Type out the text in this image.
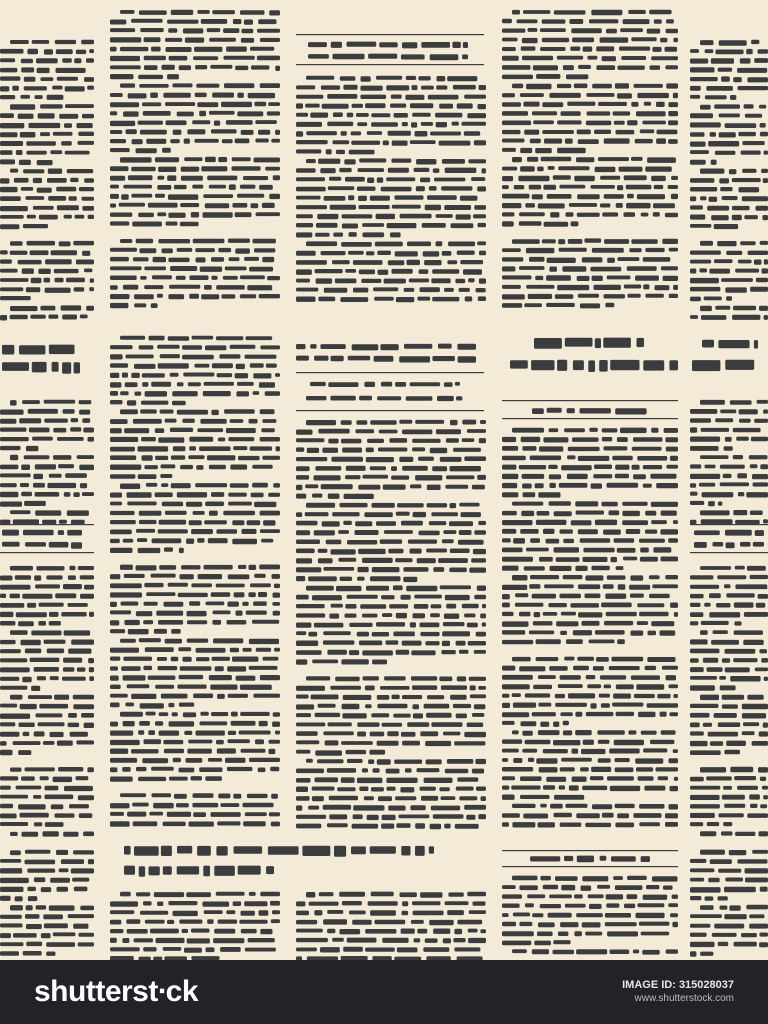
shutterst∙ck	IMAGE ID: 315028037
www.shutterstock.com
